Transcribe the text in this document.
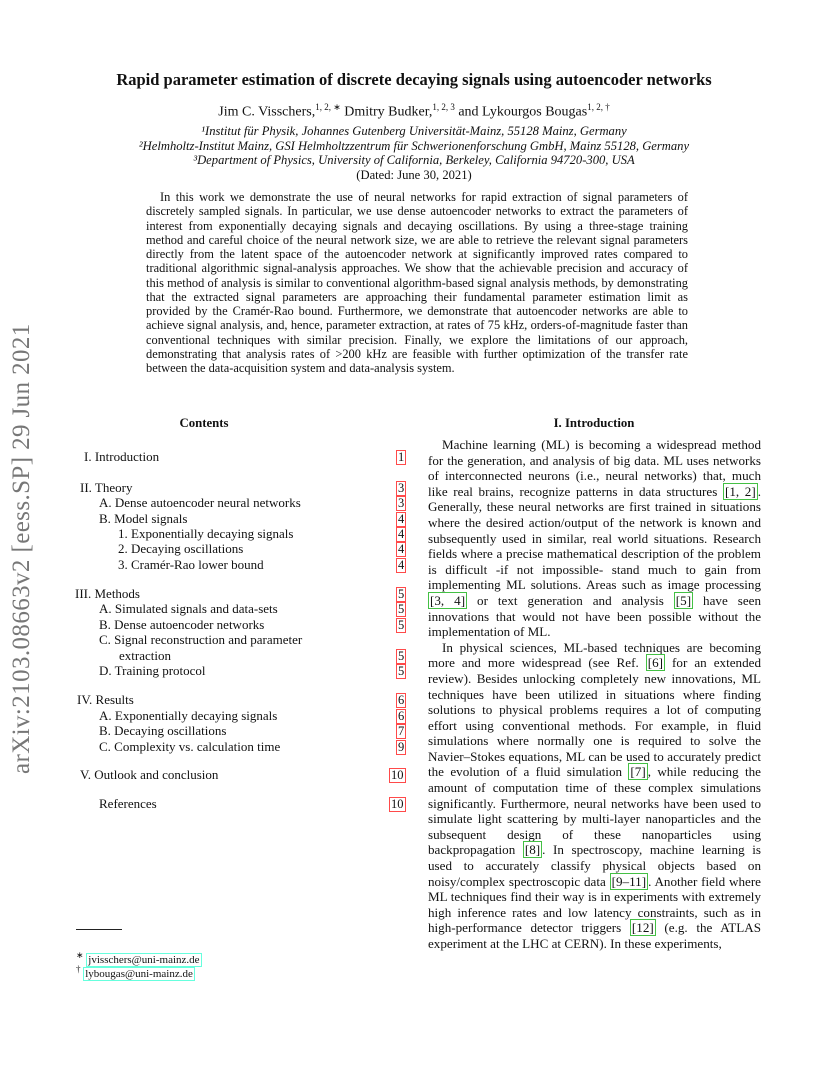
arXiv:2103.08663v2 [eess.SP] 29 Jun 2021
Rapid parameter estimation of discrete decaying signals using autoencoder networks
Jim C. Visschers,$^{1, 2, ∗}$ Dmitry Budker,$^{1, 2, 3}$ and Lykourgos Bougas$^{1, 2, \dagger}$
¹Institut für Physik, Johannes Gutenberg Universität-Mainz, 55128 Mainz, Germany
²Helmholtz-Institut Mainz, GSI Helmholtzzentrum für Schwerionenforschung GmbH, Mainz 55128, Germany
³Department of Physics, University of California, Berkeley, California 94720-300, USA
(Dated: June 30, 2021)
In this work we demonstrate the use of neural networks for rapid extraction of signal parameters of discretely sampled signals. In particular, we use dense autoencoder networks to extract the parameters of interest from exponentially decaying signals and decaying oscillations. By using a three-stage training method and careful choice of the neural network size, we are able to retrieve the relevant signal parameters directly from the latent space of the autoencoder network at significantly improved rates compared to traditional algorithmic signal-analysis approaches. We show that the achievable precision and accuracy of this method of analysis is similar to conventional algorithm-based signal analysis methods, by demonstrating that the extracted signal parameters are approaching their fundamental parameter estimation limit as provided by the Cramér-Rao bound. Furthermore, we demonstrate that autoencoder networks are able to achieve signal analysis, and, hence, parameter extraction, at rates of 75 kHz, orders-of-magnitude faster than conventional techniques with similar precision. Finally, we explore the limitations of our approach, demonstrating that analysis rates of >200 kHz are feasible with further optimization of the transfer rate between the data-acquisition system and data-analysis system.
Contents
I. Introduction	1
II. Theory	3
A. Dense autoencoder neural networks	3
B. Model signals	4
1. Exponentially decaying signals	4
2. Decaying oscillations	4
3. Cramér-Rao lower bound	4
III. Methods	5
A. Simulated signals and data-sets	5
B. Dense autoencoder networks	5
C. Signal reconstruction and parameter
extraction	5
D. Training protocol	5
IV. Results	6
A. Exponentially decaying signals	6
B. Decaying oscillations	7
C. Complexity vs. calculation time	9
V. Outlook and conclusion	10
References	10
I. Introduction

Machine learning (ML) is becoming a widespread method for the generation, and analysis of big data. ML uses networks of interconnected neurons (i.e., neural networks) that, much like real brains, recognize patterns in data structures [1, 2] . Generally, these neural networks are first trained in situations where the desired action/output of the network is known and subsequently used in similar, real world situations. Research fields where a precise mathematical description of the problem is difficult -if not impossible- stand much to gain from implementing ML solutions. Areas such as image processing [3, 4] or text generation and analysis [5] have seen innovations that would not have been possible without the implementation of ML.

In physical sciences, ML-based techniques are becoming more and more widespread (see Ref. [6] for an extended review). Besides unlocking completely new innovations, ML techniques have been utilized in situations where finding solutions to physical problems requires a lot of computing effort using conventional methods. For example, in fluid simulations where normally one is required to solve the Navier–Stokes equations, ML can be used to accurately predict the evolution of a fluid simulation [7] , while reducing the amount of computation time of these complex simulations significantly. Furthermore, neural networks have been used to simulate light scattering by multi-layer nanoparticles and the subsequent design of these nanoparticles using backpropagation [8] . In spectroscopy, machine learning is used to accurately classify physical objects based on noisy/complex spectroscopic data [9–11] . Another field where ML techniques find their way is in experiments with extremely high inference rates and low latency constraints, such as in high-performance detector triggers [12] (e.g. the ATLAS experiment at the LHC at CERN). In these experiments,

∗ jvisschers@uni-mainz.de
† lybougas@uni-mainz.de
